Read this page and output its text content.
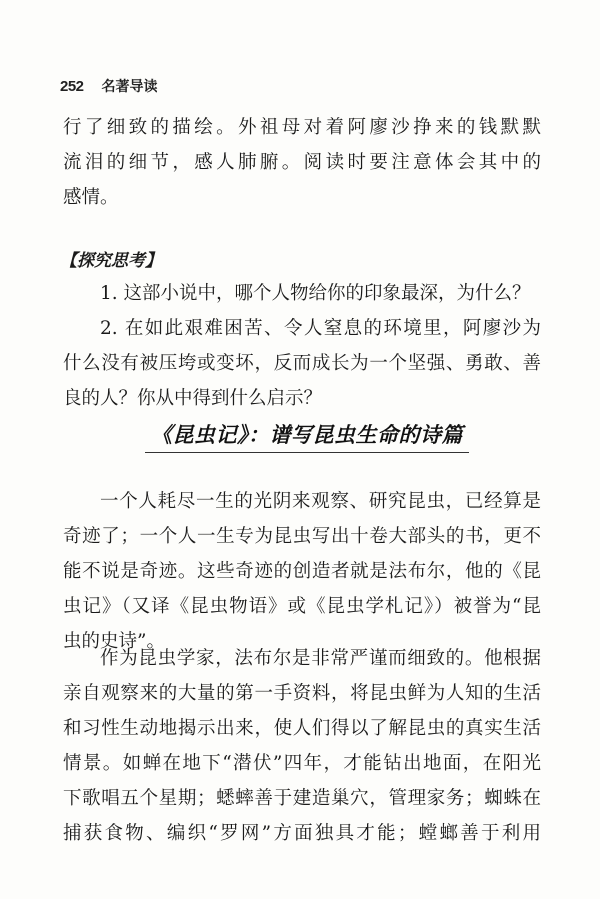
252 名著导读
行了细致的描绘。外祖母对着阿廖沙挣来的钱默默
流泪的细节，感人肺腑。阅读时要注意体会其中的
感情。
【探究思考】
1. 这部小说中，哪个人物给你的印象最深，为什么？
2. 在如此艰难困苦、令人窒息的环境里，阿廖沙为
什么没有被压垮或变坏，反而成长为一个坚强、勇敢、善
良的人？你从中得到什么启示？
《昆虫记》：谱写昆虫生命的诗篇
一个人耗尽一生的光阴来观察、研究昆虫，已经算是
奇迹了；一个人一生专为昆虫写出十卷大部头的书，更不
能不说是奇迹。这些奇迹的创造者就是法布尔，他的《昆
虫记》（又译《昆虫物语》或《昆虫学札记》）被誉为“昆
虫的史诗”。
作为昆虫学家，法布尔是非常严谨而细致的。他根据
亲自观察来的大量的第一手资料，将昆虫鲜为人知的生活
和习性生动地揭示出来，使人们得以了解昆虫的真实生活
情景。如蝉在地下“潜伏”四年，才能钻出地面，在阳光
下歌唱五个星期；蟋蟀善于建造巢穴，管理家务；蜘蛛在
捕获食物、编织“罗网”方面独具才能；螳螂善于利用
